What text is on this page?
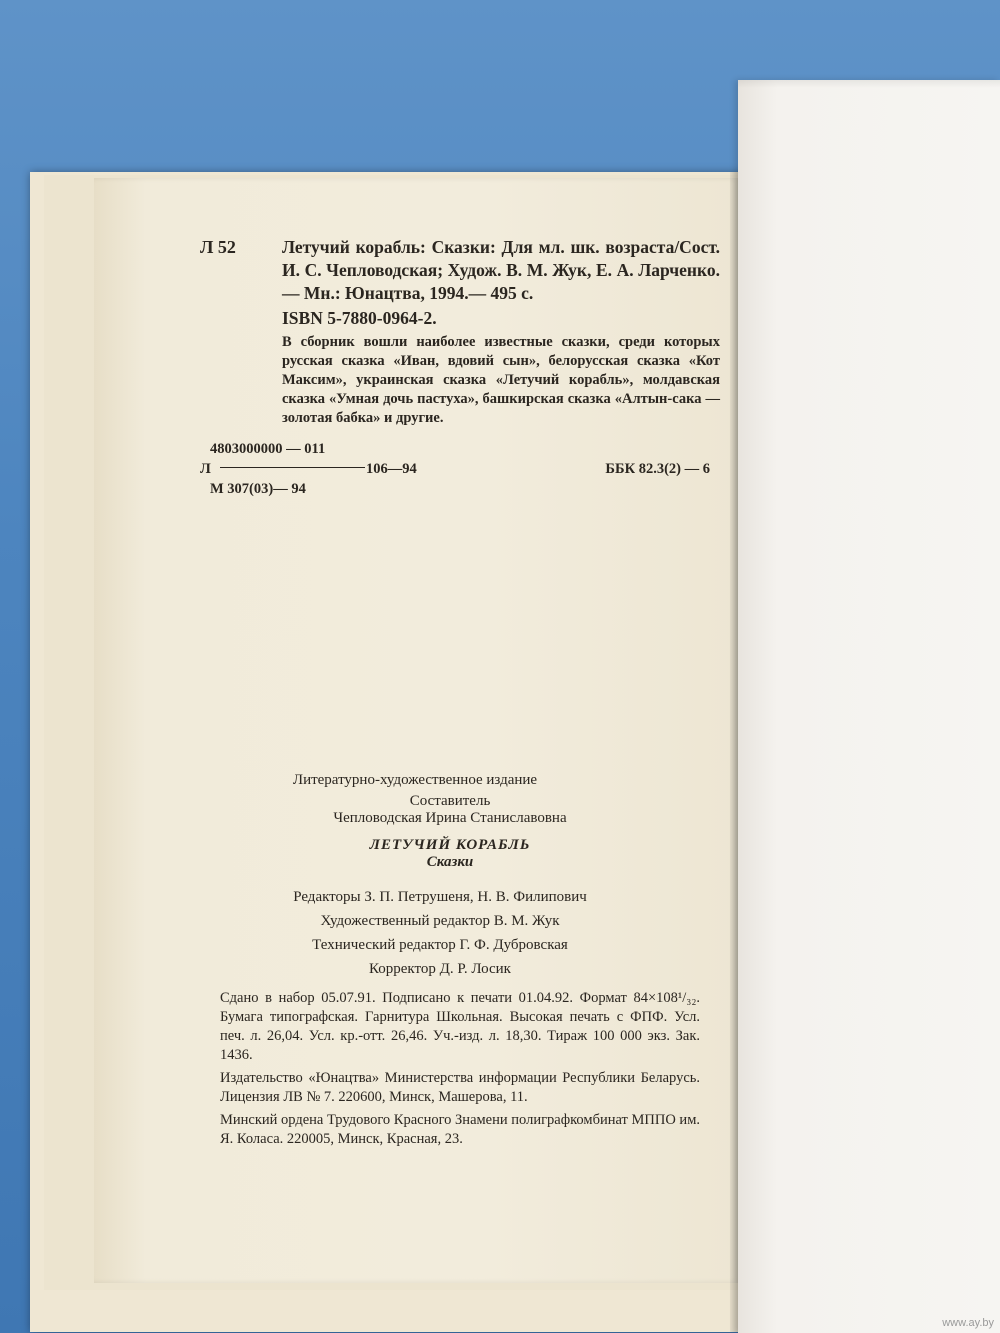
Л 52	Летучий корабль: Сказки: Для мл. шк. возраста/Сост. И. С. Чепловодская; Худож. В. М. Жук, Е. А. Ларченко.— Мн.: Юнацтва, 1994.— 495 с.
ISBN 5-7880-0964-2.
В сборник вошли наиболее известные сказки, среди которых русская сказка «Иван, вдовий сын», белорусская сказка «Кот Максим», украинская сказка «Летучий корабль», молдавская сказка «Умная дочь пастуха», башкирская сказка «Алтын-сака — золотая бабка» и другие.
4803000000 — 011
Л	106—94	ББК 82.3(2) — 6
М 307(03)— 94
Литературно-художественное издание
Составитель
Чепловодская Ирина Станиславовна
ЛЕТУЧИЙ КОРАБЛЬ
Сказки
Редакторы З. П. Петрушеня, Н. В. Филипович
Художественный редактор В. М. Жук
Технический редактор Г. Ф. Дубровская
Корректор Д. Р. Лосик

Сдано в набор 05.07.91. Подписано к печати 01.04.92. Формат 84×108¹/₃₂. Бумага типографская. Гарнитура Школьная. Высокая печать с ФПФ. Усл. печ. л. 26,04. Усл. кр.-отт. 26,46. Уч.-изд. л. 18,30. Тираж 100 000 экз. Зак. 1436.

Издательство «Юнацтва» Министерства информации Республики Беларусь. Лицензия ЛВ № 7. 220600, Минск, Машерова, 11.

Минский ордена Трудового Красного Знамени полиграфкомбинат МППО им. Я. Коласа. 220005, Минск, Красная, 23.

www.ay.by
